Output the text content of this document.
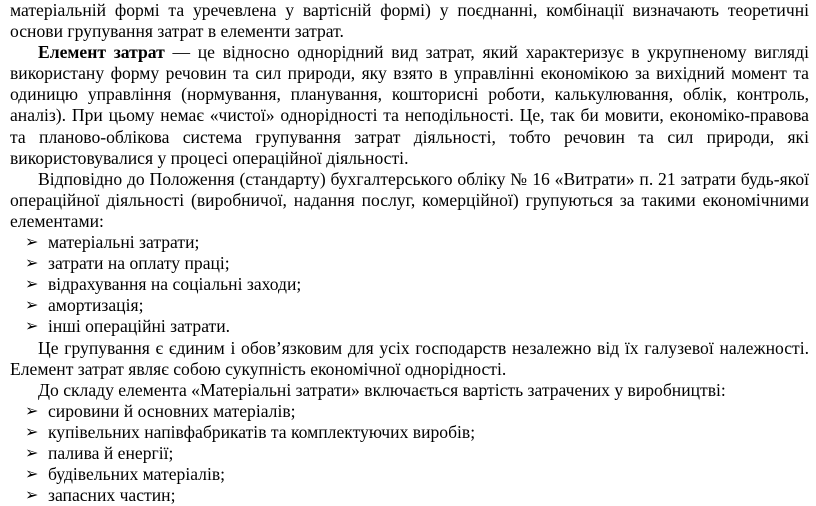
матеріальній формі та уречевлена у вартісній формі) у поєднанні, комбінації визначають теоретичні основи групування затрат в елементи затрат.

Елемент затрат — це відносно однорідний вид затрат, який характеризує в укрупненому вигляді використану форму речовин та сил природи, яку взято в управлінні економікою за вихідний момент та одиницю управління (нормування, планування, кошторисні роботи, калькулювання, облік, контроль, аналіз). При цьому немає «чистої» однорідності та неподільності. Це, так би мовити, економіко-правова та планово-облікова система групування затрат діяльності, тобто речовин та сил природи, які використовувалися у процесі операційної діяльності.

Відповідно до Положення (стандарту) бухгалтерського обліку № 16 «Витрати» п. 21 затрати будь-якої операційної діяльності (виробничої, надання послуг, комерційної) групуються за такими економічними елементами:

➢ матеріальні затрати;
➢ затрати на оплату праці;
➢ відрахування на соціальні заходи;
➢ амортизація;
➢ інші операційні затрати.

Це групування є єдиним і обов’язковим для усіх господарств незалежно від їх галузевої належності. Елемент затрат являє собою сукупність економічної однорідності.

До складу елемента «Матеріальні затрати» включається вартість затрачених у виробництві:

➢ сировини й основних матеріалів;
➢ купівельних напівфабрикатів та комплектуючих виробів;
➢ палива й енергії;
➢ будівельних матеріалів;
➢ запасних частин;
